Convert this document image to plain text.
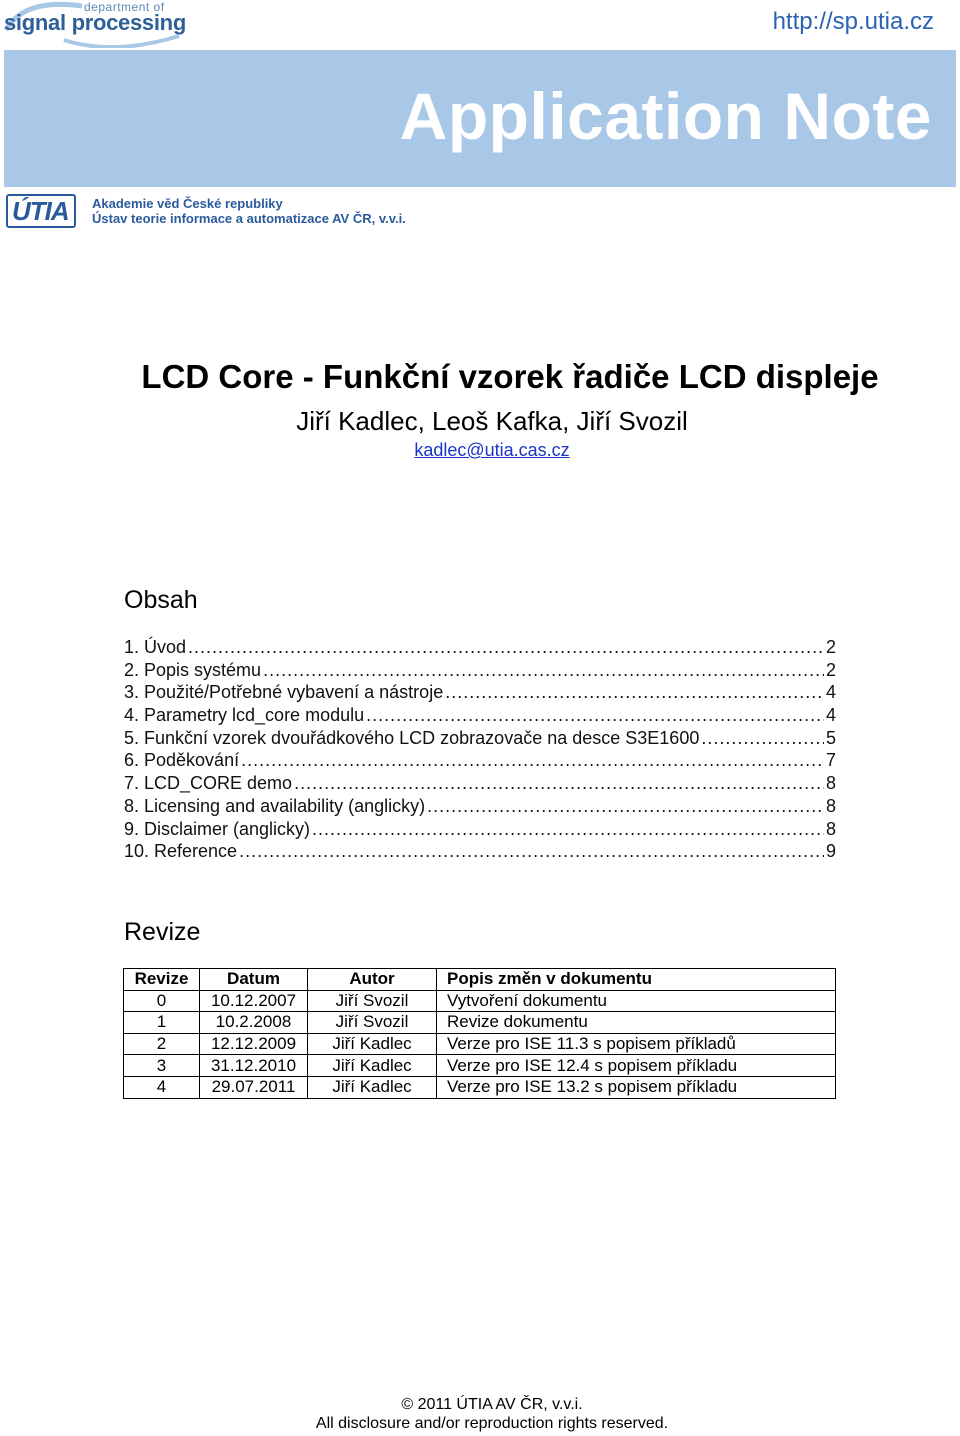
department of
signal processing	http://sp.utia.cz
Application Note
ÚTIA Akademie věd České republiky
Ústav teorie informace a automatizace AV ČR, v.v.i.
LCD Core - Funkční vzorek řadiče LCD displeje
Jiří Kadlec, Leoš Kafka, Jiří Svozil
kadlec@utia.cas.cz
Obsah
1. Úvod .....	2
2. Popis systému .....	2
3. Použité/Potřebné vybavení a nástroje .....	4
4. Parametry lcd_core modulu .....	4
5. Funkční vzorek dvouřádkového LCD zobrazovače na desce S3E1600 .....	5
6. Poděkování .....	7
7. LCD_CORE demo .....	8
8. Licensing and availability (anglicky) .....	8
9. Disclaimer (anglicky) .....	8
10. Reference .....	9
Revize
Revize	Datum	Autor	Popis změn v dokumentu
0	10.12.2007	Jiří Svozil	Vytvoření dokumentu
1	10.2.2008	Jiří Svozil	Revize dokumentu
2	12.12.2009	Jiří Kadlec	Verze pro ISE 11.3 s popisem příkladů
3	31.12.2010	Jiří Kadlec	Verze pro ISE 12.4 s popisem příkladu
4	29.07.2011	Jiří Kadlec	Verze pro ISE 13.2 s popisem příkladu
© 2011 ÚTIA AV ČR, v.v.i.
All disclosure and/or reproduction rights reserved.
